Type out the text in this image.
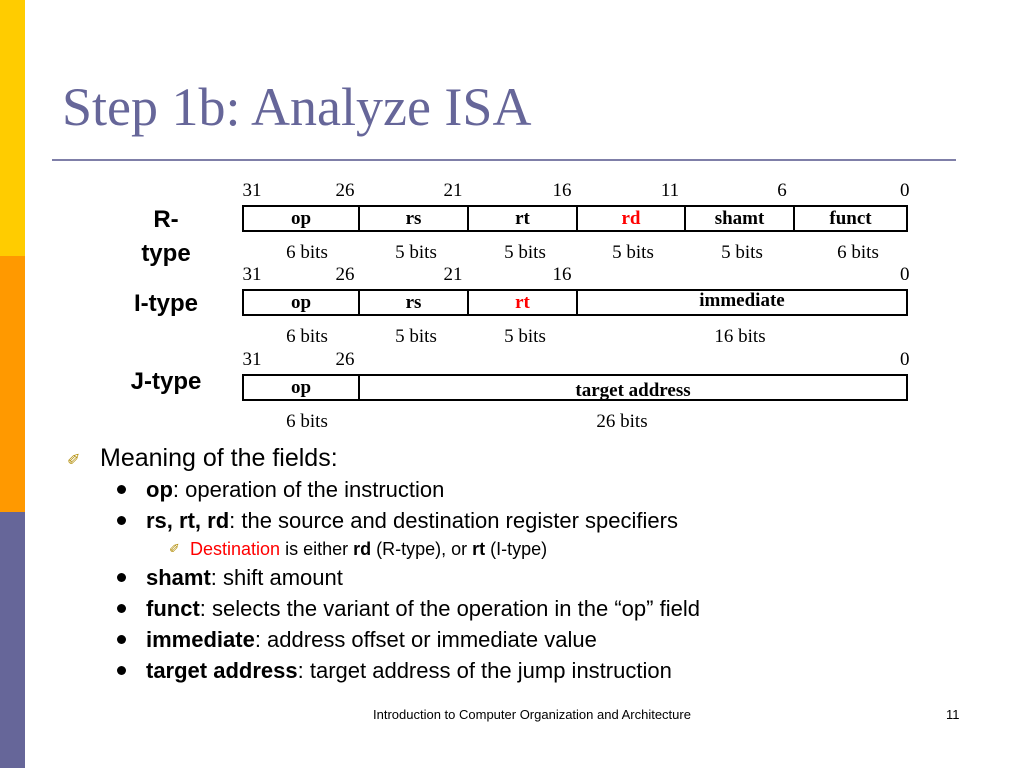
Step 1b: Analyze ISA
R-
type
31	26	21	16	11	6	0
op	rs	rt	rd	shamt	funct
6 bits	5 bits	5 bits	5 bits	5 bits	6 bits
I-type
31	26	21	16	0
op	rs	rt	immediate
6 bits	5 bits	5 bits	16 bits
J-type
31	26	0
op	target address
6 bits	26 bits
✐ Meaning of the fields:
op: operation of the instruction
rs, rt, rd: the source and destination register specifiers
✐ Destination is either rd (R-type), or rt (I-type)
shamt: shift amount
funct: selects the variant of the operation in the “op” field
immediate: address offset or immediate value
target address: target address of the jump instruction
Introduction to Computer Organization and Architecture	11
